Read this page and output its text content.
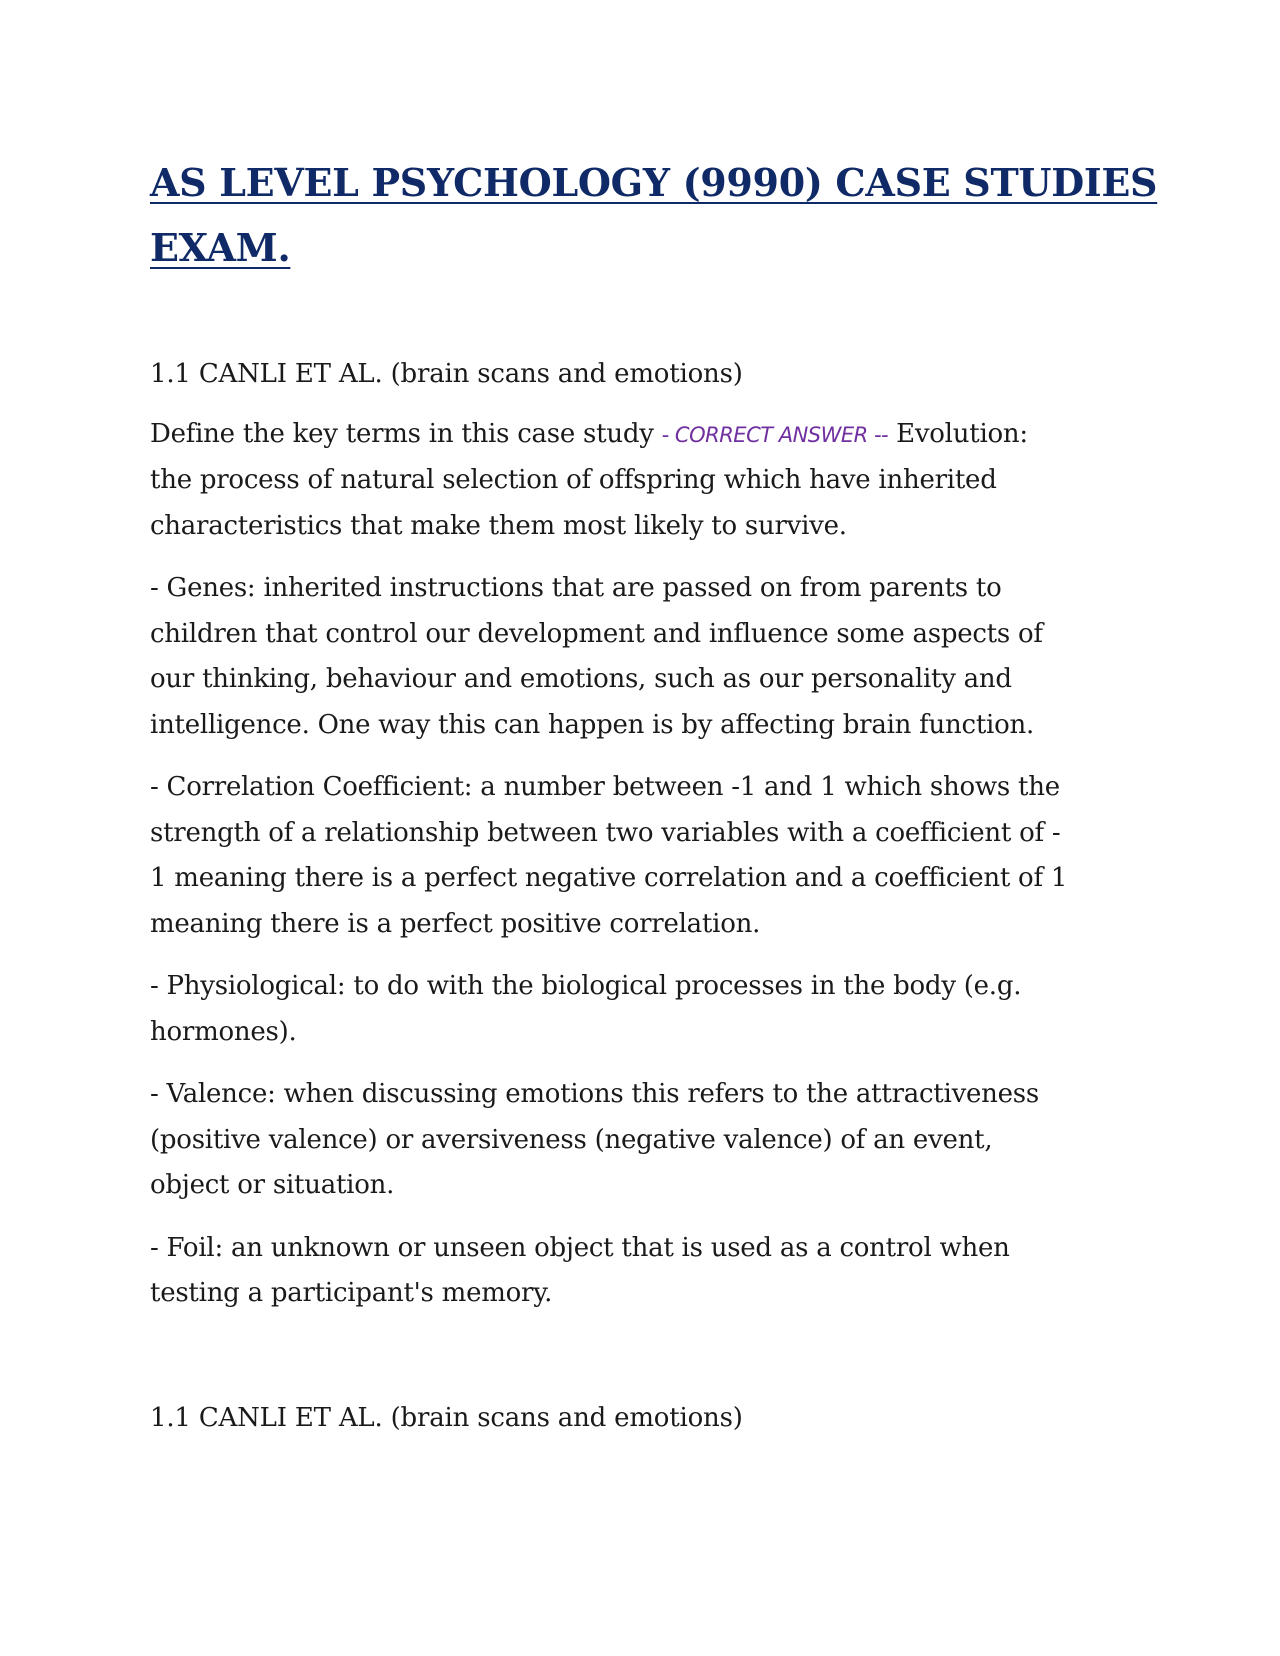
AS LEVEL PSYCHOLOGY (9990) CASE STUDIES
EXAM.

1.1 CANLI ET AL. (brain scans and emotions)

Define the key terms in this case study - CORRECT ANSWER -- Evolution:
the process of natural selection of offspring which have inherited
characteristics that make them most likely to survive.

- Genes: inherited instructions that are passed on from parents to
children that control our development and influence some aspects of
our thinking, behaviour and emotions, such as our personality and
intelligence. One way this can happen is by affecting brain function.

- Correlation Coefficient: a number between -1 and 1 which shows the
strength of a relationship between two variables with a coefficient of -
1 meaning there is a perfect negative correlation and a coefficient of 1
meaning there is a perfect positive correlation.

- Physiological: to do with the biological processes in the body (e.g.
hormones).

- Valence: when discussing emotions this refers to the attractiveness
(positive valence) or aversiveness (negative valence) of an event,
object or situation.

- Foil: an unknown or unseen object that is used as a control when
testing a participant's memory.

1.1 CANLI ET AL. (brain scans and emotions)
